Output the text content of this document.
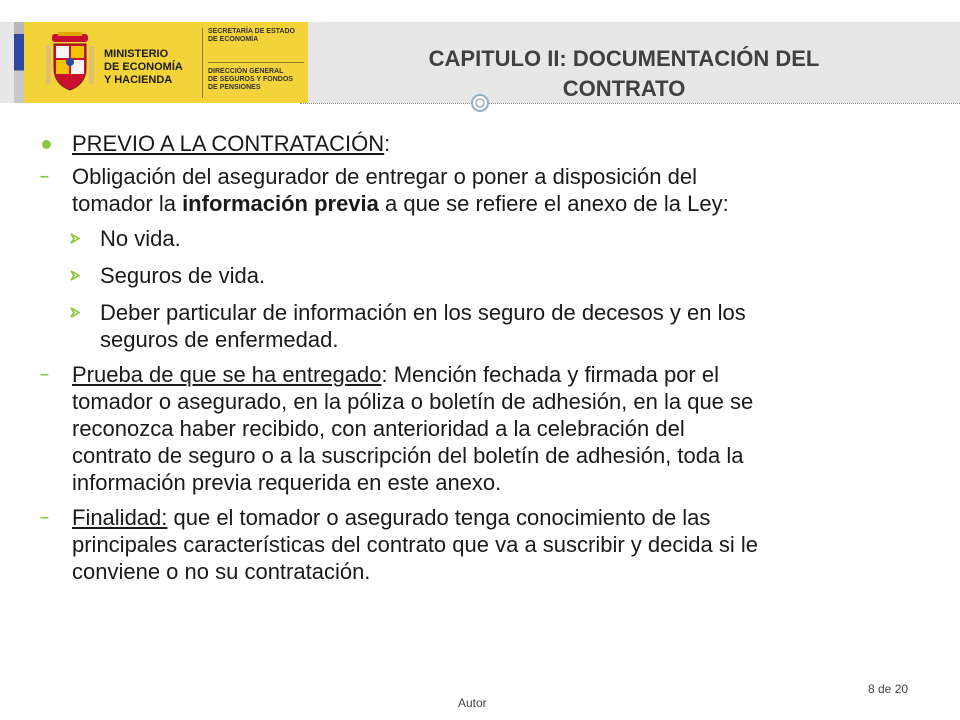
MINISTERIO
DE ECONOMÍA
Y HACIENDA
SECRETARÍA DE ESTADO
DE ECONOMÍA
DIRECCIÓN GENERAL
DE SEGUROS Y FONDOS
DE PENSIONES
CAPITULO II: DOCUMENTACIÓN DEL
CONTRATO
PREVIO A LA CONTRATACIÓN:
– Obligación del asegurador de entregar o poner a disposición del
tomador la información previa a que se refiere el anexo de la Ley:
No vida.
Seguros de vida.
Deber particular de información en los seguro de decesos y en los
seguros de enfermedad.
– Prueba de que se ha entregado: Mención fechada y firmada por el
tomador o asegurado, en la póliza o boletín de adhesión, en la que se
reconozca haber recibido, con anterioridad a la celebración del
contrato de seguro o a la suscripción del boletín de adhesión, toda la
información previa requerida en este anexo.
– Finalidad: que el tomador o asegurado tenga conocimiento de las
principales características del contrato que va a suscribir y decida si le
conviene o no su contratación.
Autor
8 de 20
